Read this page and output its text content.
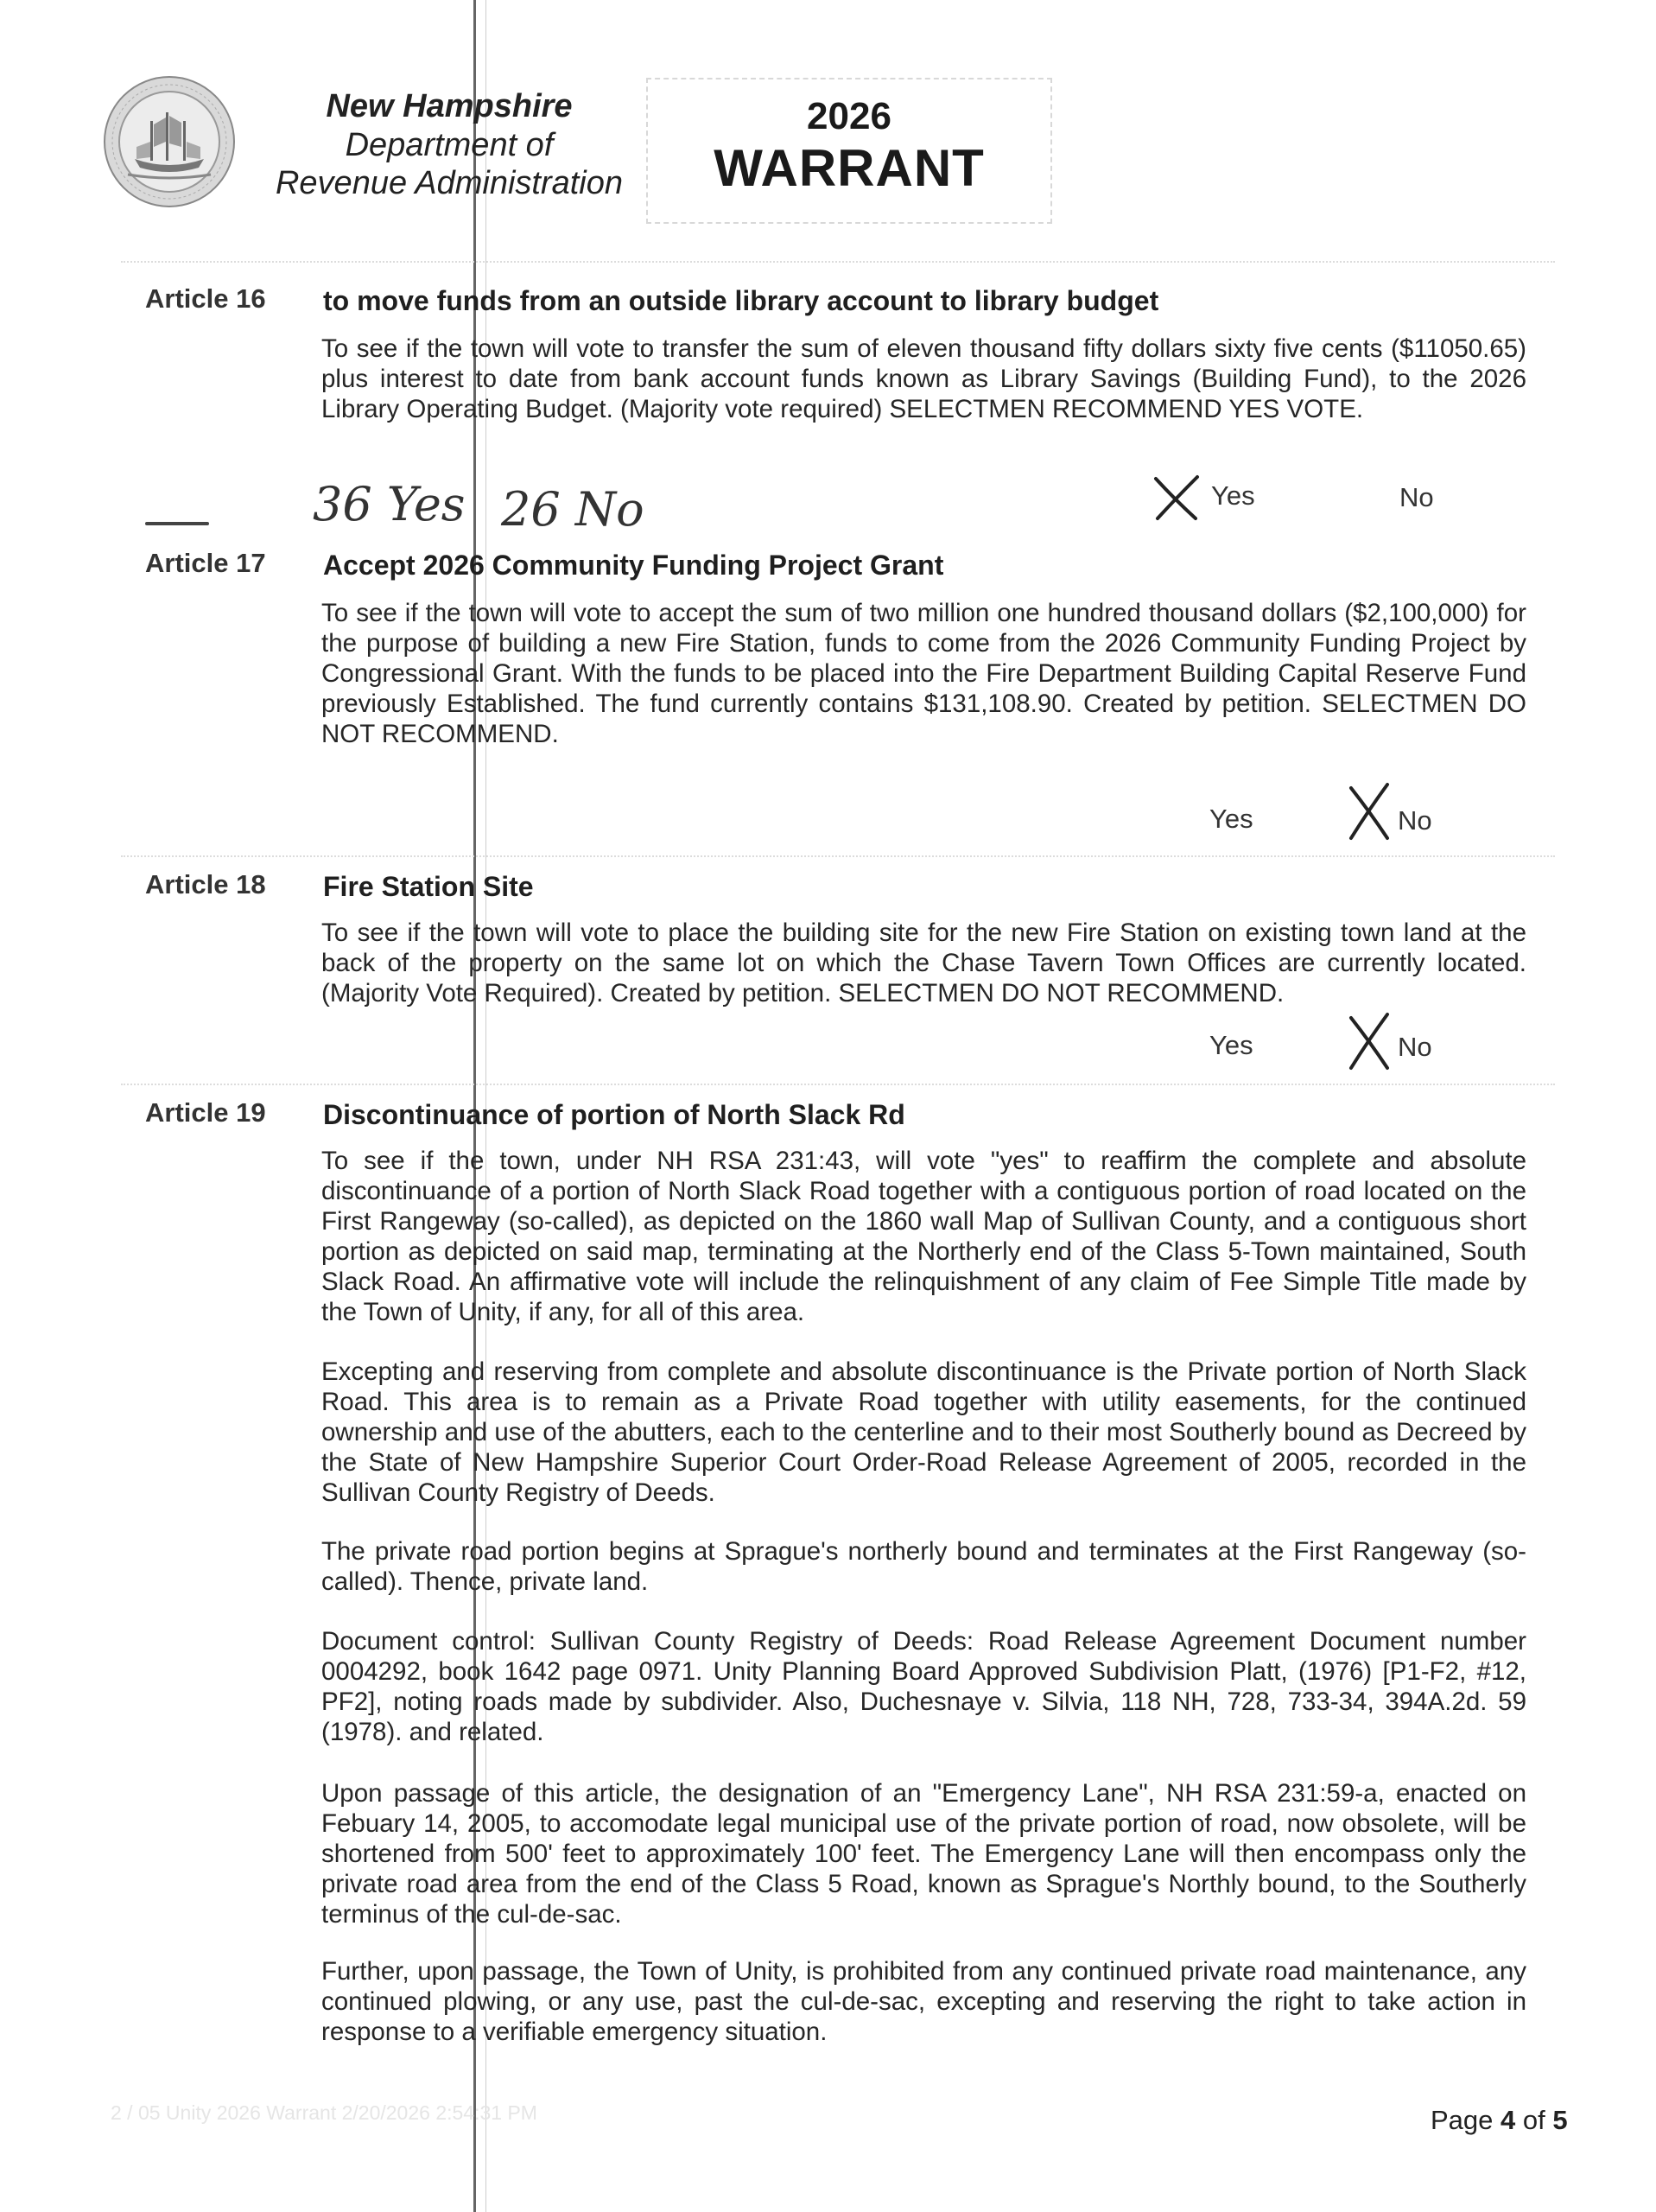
New Hampshire
Department of
Revenue Administration
2026
WARRANT
Article 16 to move funds from an outside library account to library budget
To see if the town will vote to transfer the sum of eleven thousand fifty dollars sixty five cents ($11050.65) plus interest to date from bank account funds known as Library Savings (Building Fund), to the 2026 Library Operating Budget. (Majority vote required) SELECTMEN RECOMMEND YES VOTE.
36 Yes 26 No	Yes	No
Article 17 Accept 2026 Community Funding Project Grant
To see if the town will vote to accept the sum of two million one hundred thousand dollars ($2,100,000) for the purpose of building a new Fire Station, funds to come from the 2026 Community Funding Project by Congressional Grant. With the funds to be placed into the Fire Department Building Capital Reserve Fund previously Established. The fund currently contains $131,108.90. Created by petition. SELECTMEN DO NOT RECOMMEND.
Yes	No
Article 18 Fire Station Site
To see if the town will vote to place the building site for the new Fire Station on existing town land at the back of the property on the same lot on which the Chase Tavern Town Offices are currently located. (Majority Vote Required). Created by petition. SELECTMEN DO NOT RECOMMEND.
Yes	No
Article 19 Discontinuance of portion of North Slack Rd
To see if the town, under NH RSA 231:43, will vote "yes" to reaffirm the complete and absolute discontinuance of a portion of North Slack Road together with a contiguous portion of road located on the First Rangeway (so-called), as depicted on the 1860 wall Map of Sullivan County, and a contiguous short portion as depicted on said map, terminating at the Northerly end of the Class 5-Town maintained, South Slack Road. An affirmative vote will include the relinquishment of any claim of Fee Simple Title made by the Town of Unity, if any, for all of this area.
Excepting and reserving from complete and absolute discontinuance is the Private portion of North Slack Road. This area is to remain as a Private Road together with utility easements, for the continued ownership and use of the abutters, each to the centerline and to their most Southerly bound as Decreed by the State of New Hampshire Superior Court Order-Road Release Agreement of 2005, recorded in the Sullivan County Registry of Deeds.
The private road portion begins at Sprague's northerly bound and terminates at the First Rangeway (so-called). Thence, private land.
Document control: Sullivan County Registry of Deeds: Road Release Agreement Document number 0004292, book 1642 page 0971. Unity Planning Board Approved Subdivision Platt, (1976) [P1-F2, #12, PF2], noting roads made by subdivider. Also, Duchesnaye v. Silvia, 118 NH, 728, 733-34, 394A.2d. 59 (1978). and related.
Upon passage of this article, the designation of an "Emergency Lane", NH RSA 231:59-a, enacted on Febuary 14, 2005, to accomodate legal municipal use of the private portion of road, now obsolete, will be shortened from 500' feet to approximately 100' feet. The Emergency Lane will then encompass only the private road area from the end of the Class 5 Road, known as Sprague's Northly bound, to the Southerly terminus of the cul-de-sac.
Further, upon passage, the Town of Unity, is prohibited from any continued private road maintenance, any continued plowing, or any use, past the cul-de-sac, excepting and reserving the right to take action in response to a verifiable emergency situation.
2 / 05 Unity 2026 Warrant 2/20/2026 2:54:31 PM	Page 4 of 5
